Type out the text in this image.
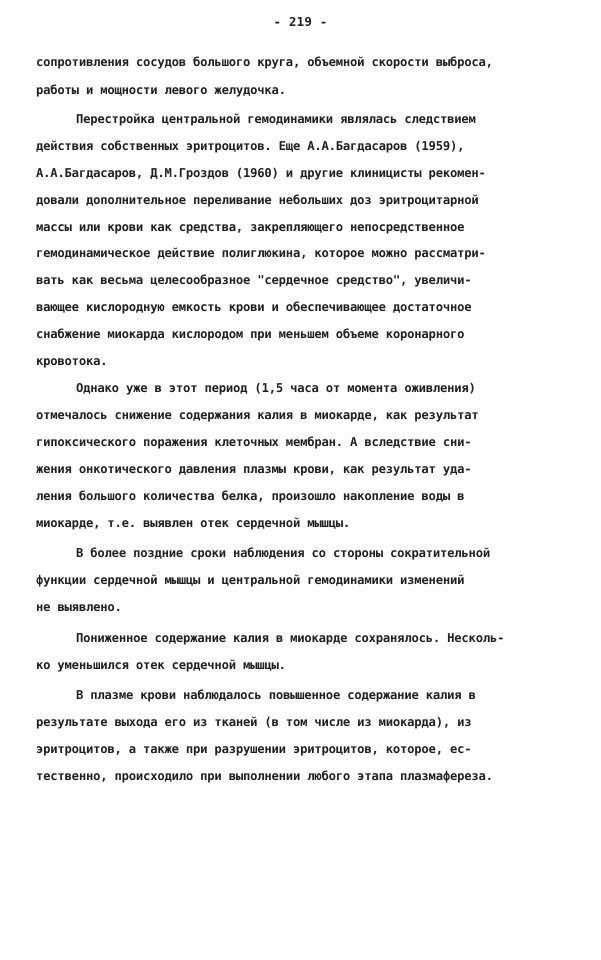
- 219 -
сопротивления сосудов большого круга, объемной скорости выброса,
работы и мощности левого желудочка.
Перестройка центральной гемодинамики являлась следствием
действия собственных эритроцитов. Еще А.А.Багдасаров (1959),
А.А.Багдасаров, Д.М.Гроздов (1960) и другие клиницисты рекомен-
довали дополнительное переливание небольших доз эритроцитарной
массы или крови как средства, закрепляющего непосредственное
гемодинамическое действие полиглюкина, которое можно рассматри-
вать как весьма целесообразное "сердечное средство", увеличи-
вающее кислородную емкость крови и обеспечивающее достаточное
снабжение миокарда кислородом при меньшем объеме коронарного
кровотока.
Однако уже в этот период (1,5 часа от момента оживления)
отмечалось снижение содержания калия в миокарде, как результат
гипоксического поражения клеточных мембран. А вследствие сни-
жения онкотического давления плазмы крови, как результат уда-
ления большого количества белка, произошло накопление воды в
миокарде, т.е. выявлен отек сердечной мышцы.
В более поздние сроки наблюдения со стороны сократительной
функции сердечной мышцы и центральной гемодинамики изменений
не выявлено.
Пониженное содержание калия в миокарде сохранялось. Несколь-
ко уменьшился отек сердечной мышцы.
В плазме крови наблюдалось повышенное содержание калия в
результате выхода его из тканей (в том числе из миокарда), из
эритроцитов, а также при разрушении эритроцитов, которое, ес-
тественно, происходило при выполнении любого этапа плазмафереза.
